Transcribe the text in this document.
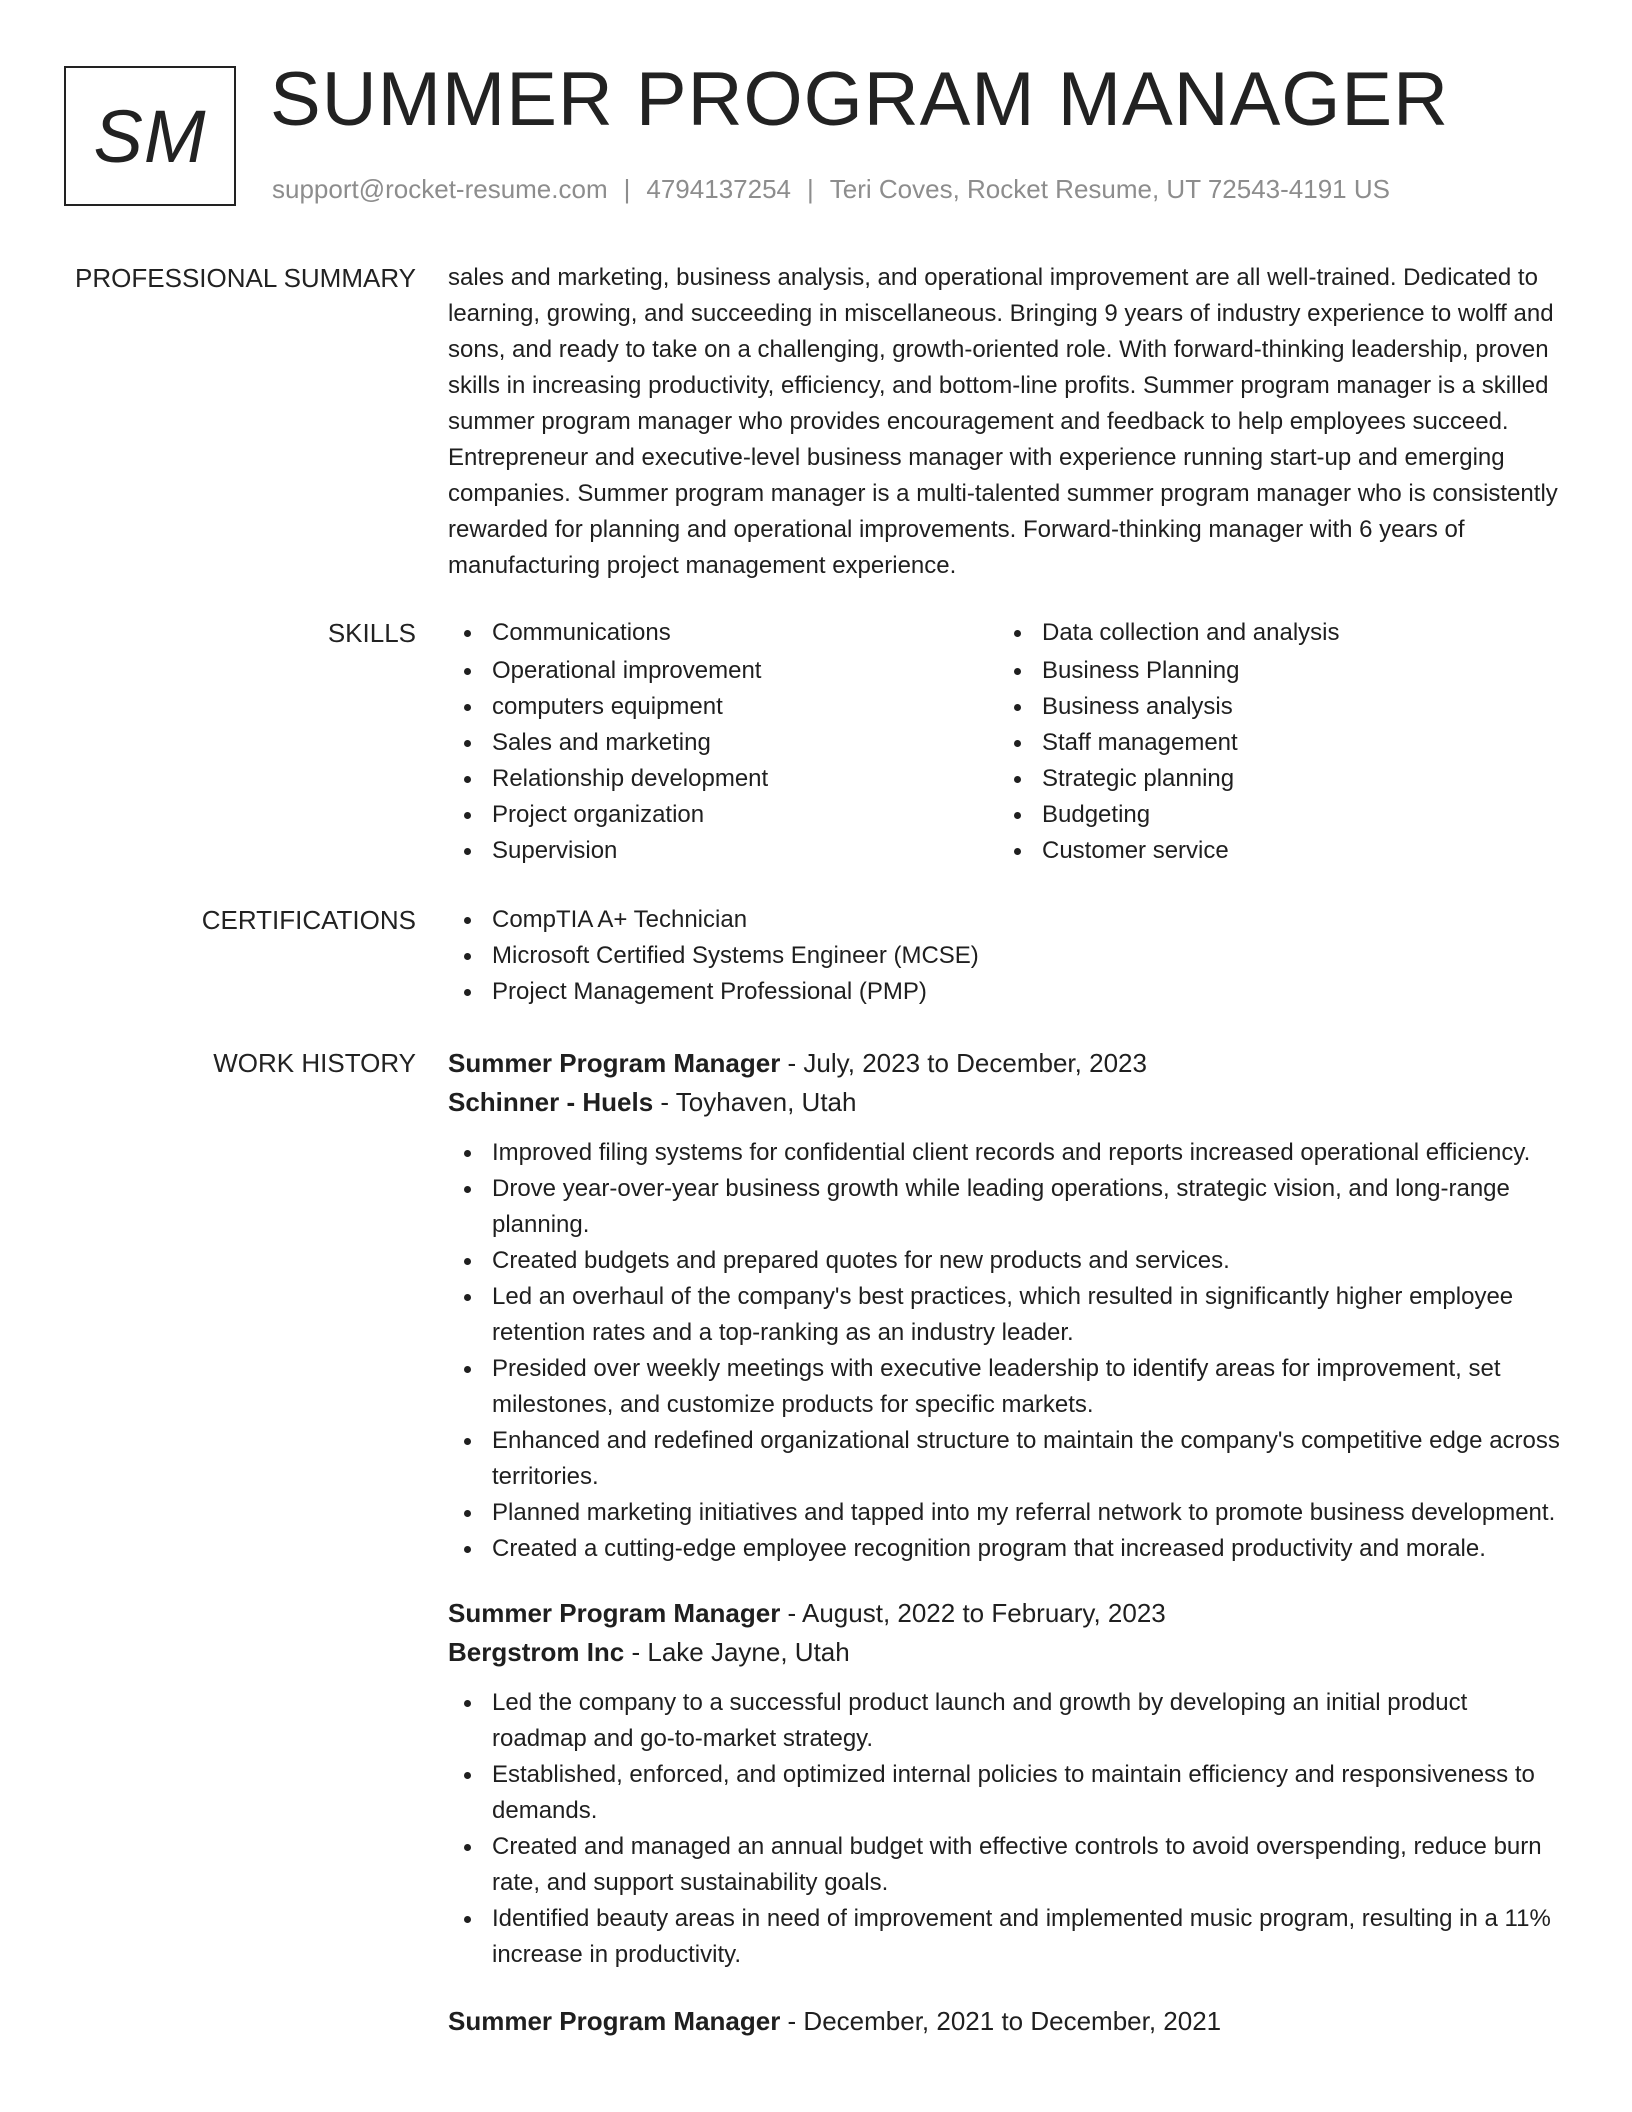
SM SUMMER PROGRAM MANAGER
support@rocket-resume.com | 4794137254 | Teri Coves, Rocket Resume, UT 72543-4191 US
PROFESSIONAL SUMMARY sales and marketing, business analysis, and operational improvement are all well-trained. Dedicated to learning, growing, and succeeding in miscellaneous. Bringing 9 years of industry experience to wolff and sons, and ready to take on a challenging, growth-oriented role. With forward-thinking leadership, proven skills in increasing productivity, efficiency, and bottom-line profits. Summer program manager is a skilled summer program manager who provides encouragement and feedback to help employees succeed. Entrepreneur and executive-level business manager with experience running start-up and emerging companies. Summer program manager is a multi-talented summer program manager who is consistently rewarded for planning and operational improvements. Forward-thinking manager with 6 years of manufacturing project management experience.
SKILLS	Communications
Operational improvement
computers equipment
Sales and marketing
Relationship development
Project organization
Supervision
Data collection and analysis
Business Planning
Business analysis
Staff management
Strategic planning
Budgeting
Customer service
CERTIFICATIONS	CompTIA A+ Technician
Microsoft Certified Systems Engineer (MCSE)
Project Management Professional (PMP)
WORK HISTORY Summer Program Manager - July, 2023 to December, 2023
Schinner - Huels - Toyhaven, Utah
Improved filing systems for confidential client records and reports increased operational efficiency.
Drove year-over-year business growth while leading operations, strategic vision, and long-range planning.
Created budgets and prepared quotes for new products and services.
Led an overhaul of the company's best practices, which resulted in significantly higher employee retention rates and a top-ranking as an industry leader.
Presided over weekly meetings with executive leadership to identify areas for improvement, set milestones, and customize products for specific markets.
Enhanced and redefined organizational structure to maintain the company's competitive edge across territories.
Planned marketing initiatives and tapped into my referral network to promote business development.
Created a cutting-edge employee recognition program that increased productivity and morale.
Summer Program Manager - August, 2022 to February, 2023
Bergstrom Inc - Lake Jayne, Utah
Led the company to a successful product launch and growth by developing an initial product roadmap and go-to-market strategy.
Established, enforced, and optimized internal policies to maintain efficiency and responsiveness to demands.
Created and managed an annual budget with effective controls to avoid overspending, reduce burn rate, and support sustainability goals.
Identified beauty areas in need of improvement and implemented music program, resulting in a 11% increase in productivity.
Summer Program Manager - December, 2021 to December, 2021
